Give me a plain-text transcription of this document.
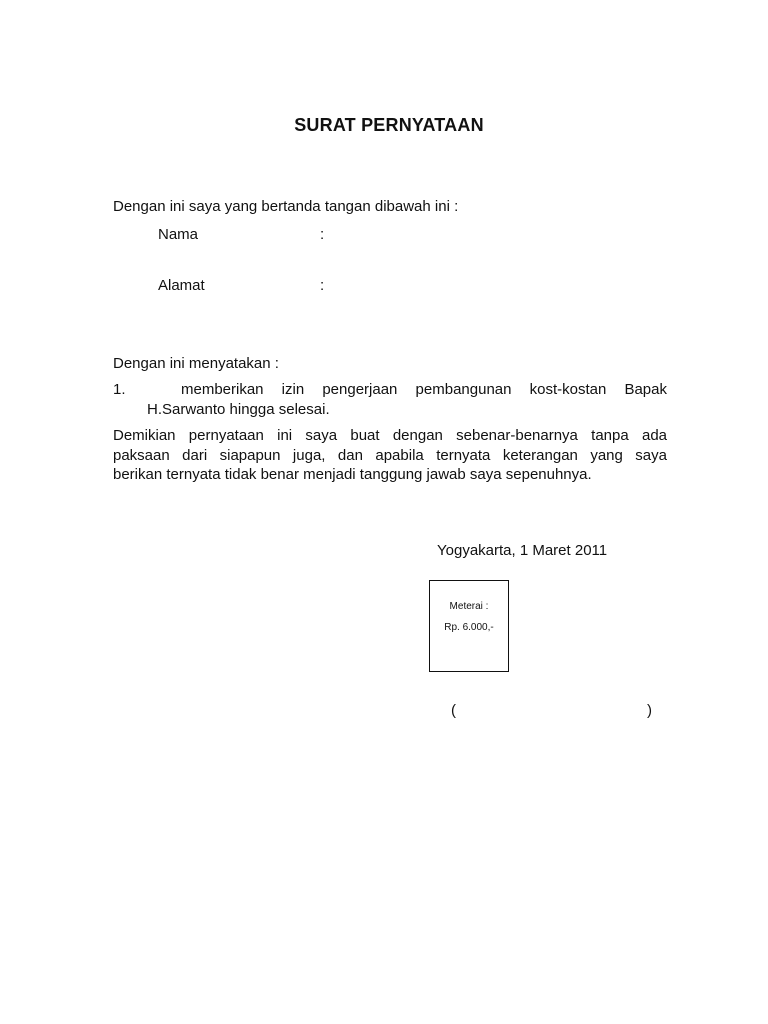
SURAT PERNYATAAN
Dengan ini saya yang bertanda tangan dibawah ini :
Nama	:
Alamat	:
Dengan ini menyatakan :
1.	memberikan izin pengerjaan pembangunan kost-kostan Bapak
H.Sarwanto hingga selesai.
Demikian pernyataan ini saya buat dengan sebenar-benarnya tanpa ada
paksaan dari siapapun juga, dan apabila ternyata keterangan yang saya
berikan ternyata tidak benar menjadi tanggung jawab saya sepenuhnya.
Yogyakarta, 1 Maret 2011
Meterai :
Rp. 6.000,-
(	)
